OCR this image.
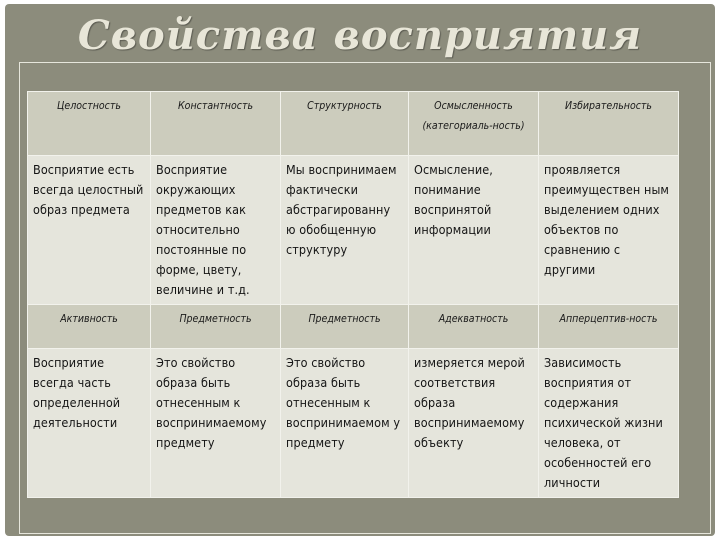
Свойства восприятия
Целостность	Константность	Структурность	Осмысленность (категориаль-ность)	Избирательность
Восприятие есть всегда целостный образ предмета	Восприятие окружающих предметов как относительно постоянные по форме, цвету, величине и т.д.	Мы воспринимаем фактически абстрагированну ю обобщенную структуру	Осмысление, понимание воспринятой информации	проявляется преимуществен ным выделением одних объектов по сравнению с другими
Активность	Предметность	Предметность	Адекватность	Апперцептив-ность
Восприятие всегда часть определенной деятельности	Это свойство образа быть отнесенным к воспринимаемому предмету	Это свойство образа быть отнесенным к воспринимаемом у предмету	измеряется мерой соответствия образа воспринимаемому объекту	Зависимость восприятия от содержания психической жизни человека, от особенностей его личности
